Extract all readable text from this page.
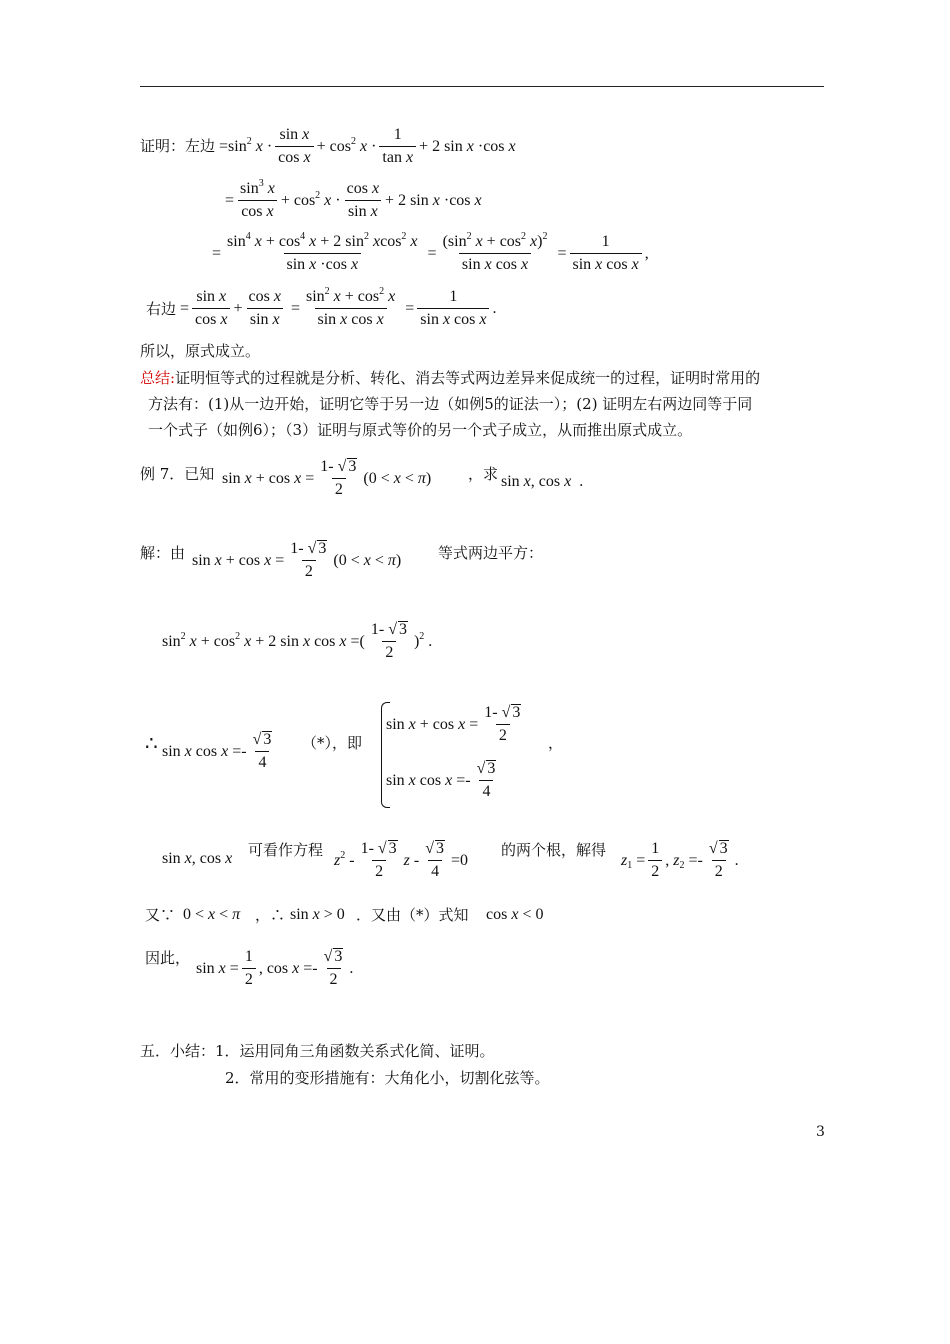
证明：左边 $=\sin^2$ x ·
sin x
cos x
+ $\cos^2 x$ ·
1
tan x
+ 2 sin x ·cos x
= $\frac{\sin^3 x}{\text{cos x}} + \cos^2 x$ ·
cos x
sin x
+ 2 sin x ·cos x
= $\frac{\sin^4 x + \cos^4 x + 2 \sin^2 xcos^2 x}{\text{sin x ·cos x}} = \frac{(\sin^2 x + \cos^2 x)^2}{\text{sin x cos x}} = \frac{1}{\text{sin x cos x}}$ ,
右边 = $\frac{\text{sin x}}{\text{cos x}} + \frac{\text{cos x}}{\text{sin x}} = \frac{\sin^2 x + \cos^2 x}{\text{sin x cos x}} = \frac{1}{\text{sin x cos x}}$ .
所以，原式成立。
总结:证明恒等式的过程就是分析、转化、消去等式两边差异来促成统一的过程，证明时常用的
方法有：(1)从一边开始，证明它等于另一边（如例5的证法一）；(2) 证明左右两边同等于同
一个式子（如例6）；（3）证明与原式等价的另一个式子成立，从而推出原式成立。
例 7．已知 $\sin x + \cos x = \frac{1- √ 3}{2} (0 < x < \pi)$ ，求 sin x, cos x  .
解：由 $\sin x + \cos x = \frac{1- √ 3}{2} (0 < x < \pi)$ 等式两边平方：
$\sin^2 x + \cos^2 x + 2$ sin x cos x =(
1- √ 3
2
)$^2$ .
∴ sin x cos x =-
√ 3
4
（*），即
$\sin x + \cos x = \frac{1- √ 3}{2}$ ，
sin x cos x =-
√ 3
4
sin x, cos x 可看作方程
$z^2$ -
1- √ 3
2
$z - \frac{√ 3}{4} =0$
的两个根，解得
$z_1 = \frac{1}{2}$ , $z_2$ =-
√ 3
2
.
又∵ 0 < x < π ，∴ sin x > 0 ．又由（*）式知 cos x < 0
因此，
$\sin x = \frac{1}{2}$ , cos x =-
√ 3
2
.
五．小结：1．运用同角三角函数关系式化简、证明。
2．常用的变形措施有：大角化小，切割化弦等。
3
